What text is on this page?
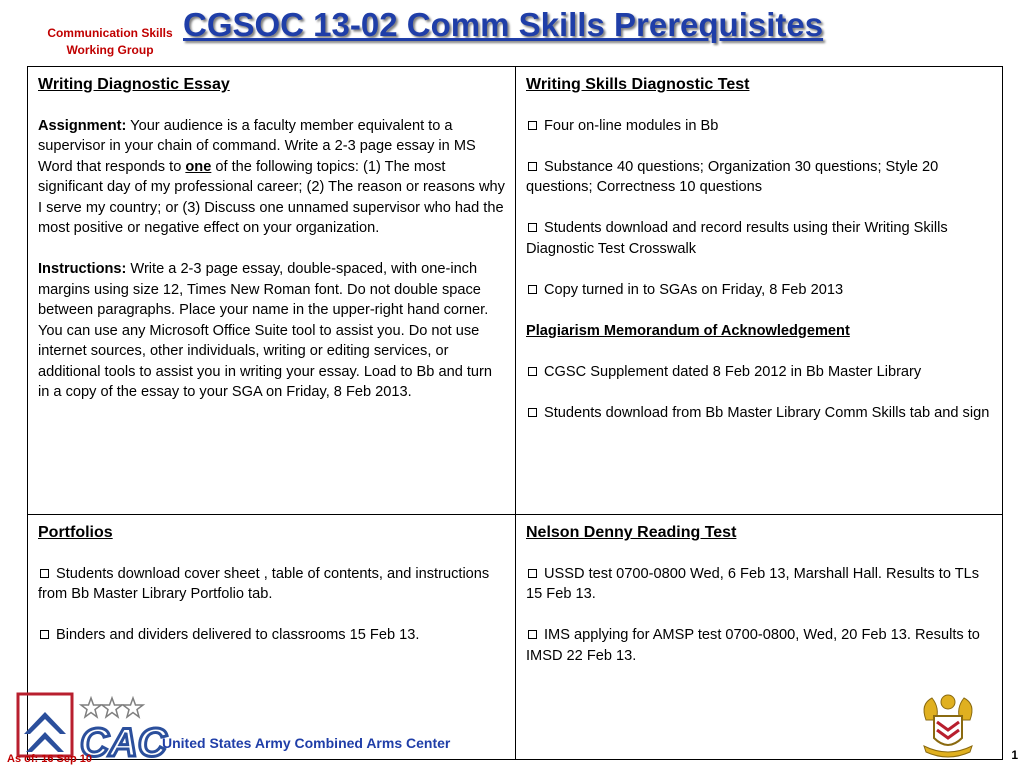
Communication Skills
Working Group
CGSOC 13-02 Comm Skills Prerequisites
Writing Diagnostic Essay

Assignment: Your audience is a faculty member equivalent to a supervisor in your chain of command. Write a 2-3 page essay in MS Word that responds to one of the following topics: (1) The most significant day of my professional career; (2) The reason or reasons why I serve my country; or (3) Discuss one unnamed supervisor who had the most positive or negative effect on your organization.

Instructions: Write a 2-3 page essay, double-spaced, with one-inch margins using size 12, Times New Roman font. Do not double space between paragraphs. Place your name in the upper-right hand corner. You can use any Microsoft Office Suite tool to assist you. Do not use internet sources, other individuals, writing or editing services, or additional tools to assist you in writing your essay. Load to Bb and turn in a copy of the essay to your SGA on Friday, 8 Feb 2013.

Writing Skills Diagnostic Test

Four on-line modules in Bb

Substance 40 questions; Organization 30 questions; Style 20 questions; Correctness 10 questions

Students download and record results using their Writing Skills Diagnostic Test Crosswalk

Copy turned in to SGAs on Friday, 8 Feb 2013

Plagiarism Memorandum of Acknowledgement

CGSC Supplement dated 8 Feb 2012 in Bb Master Library

Students download from Bb Master Library Comm Skills tab and sign

Portfolios

Students download cover sheet , table of contents, and instructions from Bb Master Library Portfolio tab.

Binders and dividers delivered to classrooms 15 Feb 13.

Nelson Denny Reading Test

USSD test 0700-0800 Wed, 6 Feb 13, Marshall Hall. Results to TLs 15 Feb 13.

IMS applying for AMSP test 0700-0800, Wed, 20 Feb 13. Results to IMSD 22 Feb 13.

CAC
United States Army Combined Arms Center
As of: 16 Sep 10	1
